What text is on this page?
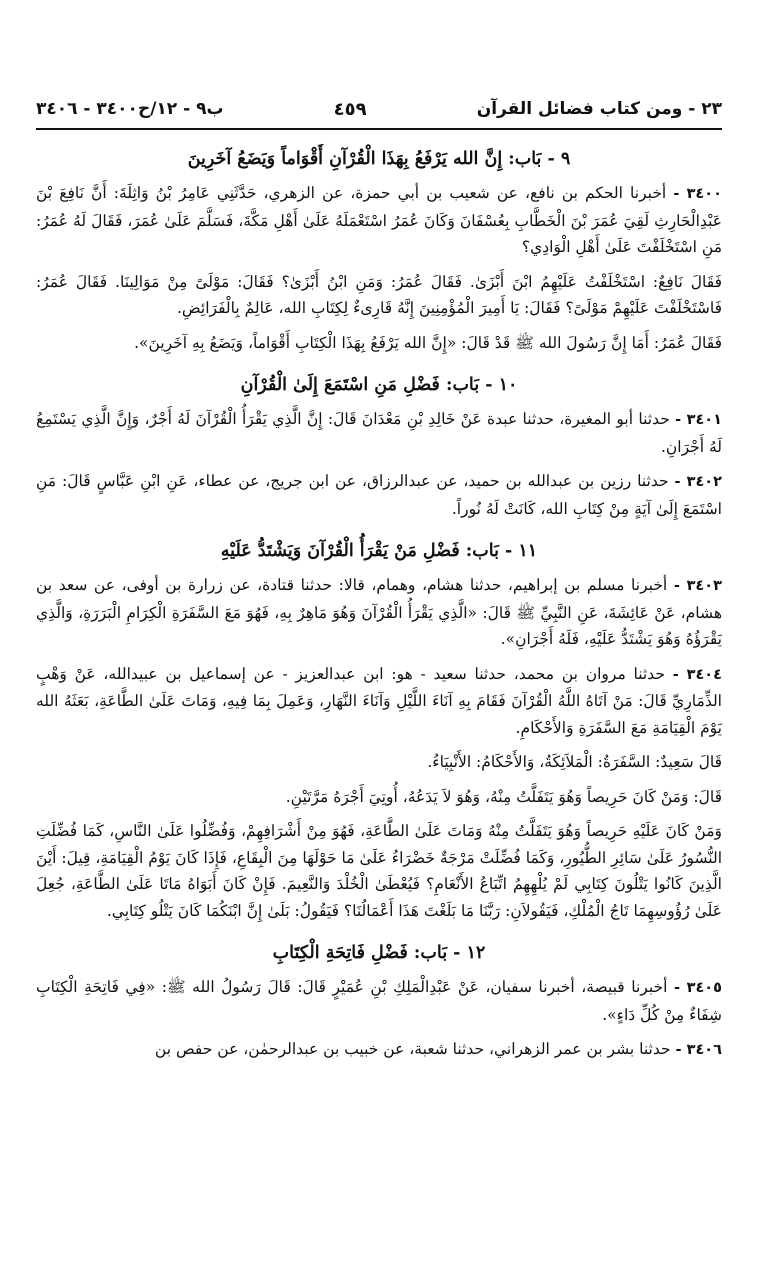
٢٣ - ومن كتاب فضائل القرآن
٤٥٩
ب٩ - ١٢/ح٣٤٠٠ - ٣٤٠٦
٩ - بَاب: إِنَّ الله يَرْفَعُ بِهَذَا الْقُرْآنِ أَقْوَاماً وَيَضَعُ آخَرِينَ

٣٤٠٠ - أخبرنا الحكم بن نافع، عن شعيب بن أبي حمزة، عن الزهري، حَدَّثَنِي عَامِرُ بْنُ وَاثِلَةَ: أَنَّ نَافِعَ بْنَ عَبْدِالْحَارِثِ لَقِيَ عُمَرَ بْنَ الْخَطَّابِ بِعُسْفَانَ وَكَانَ عُمَرُ اسْتَعْمَلَهُ عَلَىٰ أَهْلِ مَكَّةَ، فَسَلَّمَ عَلَىٰ عُمَرَ، فَقَالَ لَهُ عُمَرُ: مَنِ اسْتَخْلَفْتَ عَلَىٰ أَهْلِ الْوَادِي؟

فَقَالَ نَافِعٌ: اسْتَخْلَفْتُ عَلَيْهِمُ ابْنَ أَبْزَىٰ. فَقَالَ عُمَرُ: وَمَنِ ابْنُ أَبْزَىٰ؟ فَقَالَ: مَوْلَىً مِنْ مَوَالِينَا. فَقَالَ عُمَرُ: فَاسْتَخْلَفْتَ عَلَيْهِمْ مَوْلَىً؟ فَقَالَ: يَا أَمِيرَ الْمُؤْمِنِينَ إِنَّهُ قَارِىءٌ لِكِتَابِ الله، عَالِمٌ بِالْفَرَائِضِ.

فَقَالَ عُمَرُ: أَمَا إِنَّ رَسُولَ الله ﷺ قَدْ قَالَ: «إِنَّ الله يَرْفَعُ بِهَذَا الْكِتَابِ أَقْوَاماً، وَيَضَعُ بِهِ آخَرِينَ».

١٠ - بَاب: فَضْلِ مَنِ اسْتَمَعَ إِلَىٰ الْقُرْآنِ

٣٤٠١ - حدثنا أبو المغيرة، حدثنا عبدة عَنْ خَالِدِ بْنِ مَعْدَانَ قَالَ: إِنَّ الَّذِي يَقْرَأُ الْقُرْآنَ لَهُ أَجْرٌ، وَإِنَّ الَّذِي يَسْتَمِعُ لَهُ أَجْرَانِ.

٣٤٠٢ - حدثنا رزين بن عبدالله بن حميد، عن عبدالرزاق، عن ابن جريج، عن عطاء، عَنِ ابْنِ عَبَّاسٍ قَالَ: مَنِ اسْتَمَعَ إِلَىٰ آيَةٍ مِنْ كِتَابِ الله، كَانَتْ لَهُ نُوراً.

١١ - بَاب: فَضْلِ مَنْ يَقْرَأُ الْقُرْآنَ وَيَشْتَدُّ عَلَيْهِ

٣٤٠٣ - أخبرنا مسلم بن إبراهيم، حدثنا هشام، وهمام، قالا: حدثنا قتادة، عن زرارة بن أوفى، عن سعد بن هشام، عَنْ عَائِشَةَ، عَنِ النَّبِيِّ ﷺ قَالَ: «الَّذِي يَقْرَأُ الْقُرْآنَ وَهُوَ مَاهِرٌ بِهِ، فَهُوَ مَعَ السَّفَرَةِ الْكِرَامِ الْبَرَرَةِ، وَالَّذِي يَقْرَؤُهُ وَهُوَ يَشْتَدُّ عَلَيْهِ، فَلَهُ أَجْرَانِ».

٣٤٠٤ - حدثنا مروان بن محمد، حدثنا سعيد - هو: ابن عبدالعزيز - عن إسماعيل بن عبيدالله، عَنْ وَهْبٍ الذِّمَارِيِّ قَالَ: مَنْ آتَاهُ اللَّهُ الْقُرْآنَ فَقَامَ بِهِ آنَاءَ اللَّيْلِ وَآنَاءَ النَّهَارِ، وَعَمِلَ بِمَا فِيهِ، وَمَاتَ عَلَىٰ الطَّاعَةِ، بَعَثَهُ الله يَوْمَ الْقِيَامَةِ مَعَ السَّفَرَةِ وَالأَحْكَامِ.

قَالَ سَعِيدٌ: السَّفَرَةُ: الْمَلاَئِكَةُ، وَالأَحْكَامُ: الأَنْبِيَاءُ.

قَالَ: وَمَنْ كَانَ حَرِيصاً وَهُوَ يَتَفَلَّتُ مِنْهُ، وَهُوَ لاَ يَدَعُهُ، أُوتِيَ أَجْرَهُ مَرَّتَيْنِ.

وَمَنْ كَانَ عَلَيْهِ حَرِيصاً وَهُوَ يَتَفَلَّتُ مِنْهُ وَمَاتَ عَلَىٰ الطَّاعَةِ، فَهُوَ مِنْ أَشْرَافِهِمْ، وَفُضِّلُوا عَلَىٰ النَّاسِ، كَمَا فُضِّلَتِ النُّسُورُ عَلَىٰ سَائِرِ الطُّيُورِ، وَكَمَا فُضِّلَتْ مَرْجَةٌ خَضْرَاءُ عَلَىٰ مَا حَوْلَهَا مِنَ الْبِقَاعِ، فَإِذَا كَانَ يَوْمُ الْقِيَامَةِ، قِيلَ: أَيْنَ الَّذِينَ كَانُوا يَتْلُونَ كِتَابِي لَمْ يُلْهِهِمُ اتِّبَاعُ الأَنْعَامِ؟ فَيُعْطَىٰ الْخُلْدَ وَالنَّعِيمَ. فَإِنْ كَانَ أَبَوَاهُ مَاتَا عَلَىٰ الطَّاعَةِ، جُعِلَ عَلَىٰ رُؤُوسِهِمَا تَاجُ الْمُلْكِ، فَيَقُولاَنِ: رَبَّنَا مَا بَلَغْتَ هَذَا أَعْمَالُنَا؟ فَيَقُولُ: بَلَىٰ إِنَّ ابْنَكُمَا كَانَ يَتْلُو كِتَابِي.

١٢ - بَاب: فَضْلِ فَاتِحَةِ الْكِتَابِ

٣٤٠٥ - أخبرنا قبيصة، أخبرنا سفيان، عَنْ عَبْدِالْمَلِكِ بْنِ عُمَيْرٍ قَالَ: قَالَ رَسُولُ الله ﷺ: «فِي فَاتِحَةِ الْكِتَابِ شِفَاءٌ مِنْ كُلِّ دَاءٍ».

٣٤٠٦ - حدثنا بشر بن عمر الزهراني، حدثنا شعبة، عن خبيب بن عبدالرحمٰن، عن حفص بن
